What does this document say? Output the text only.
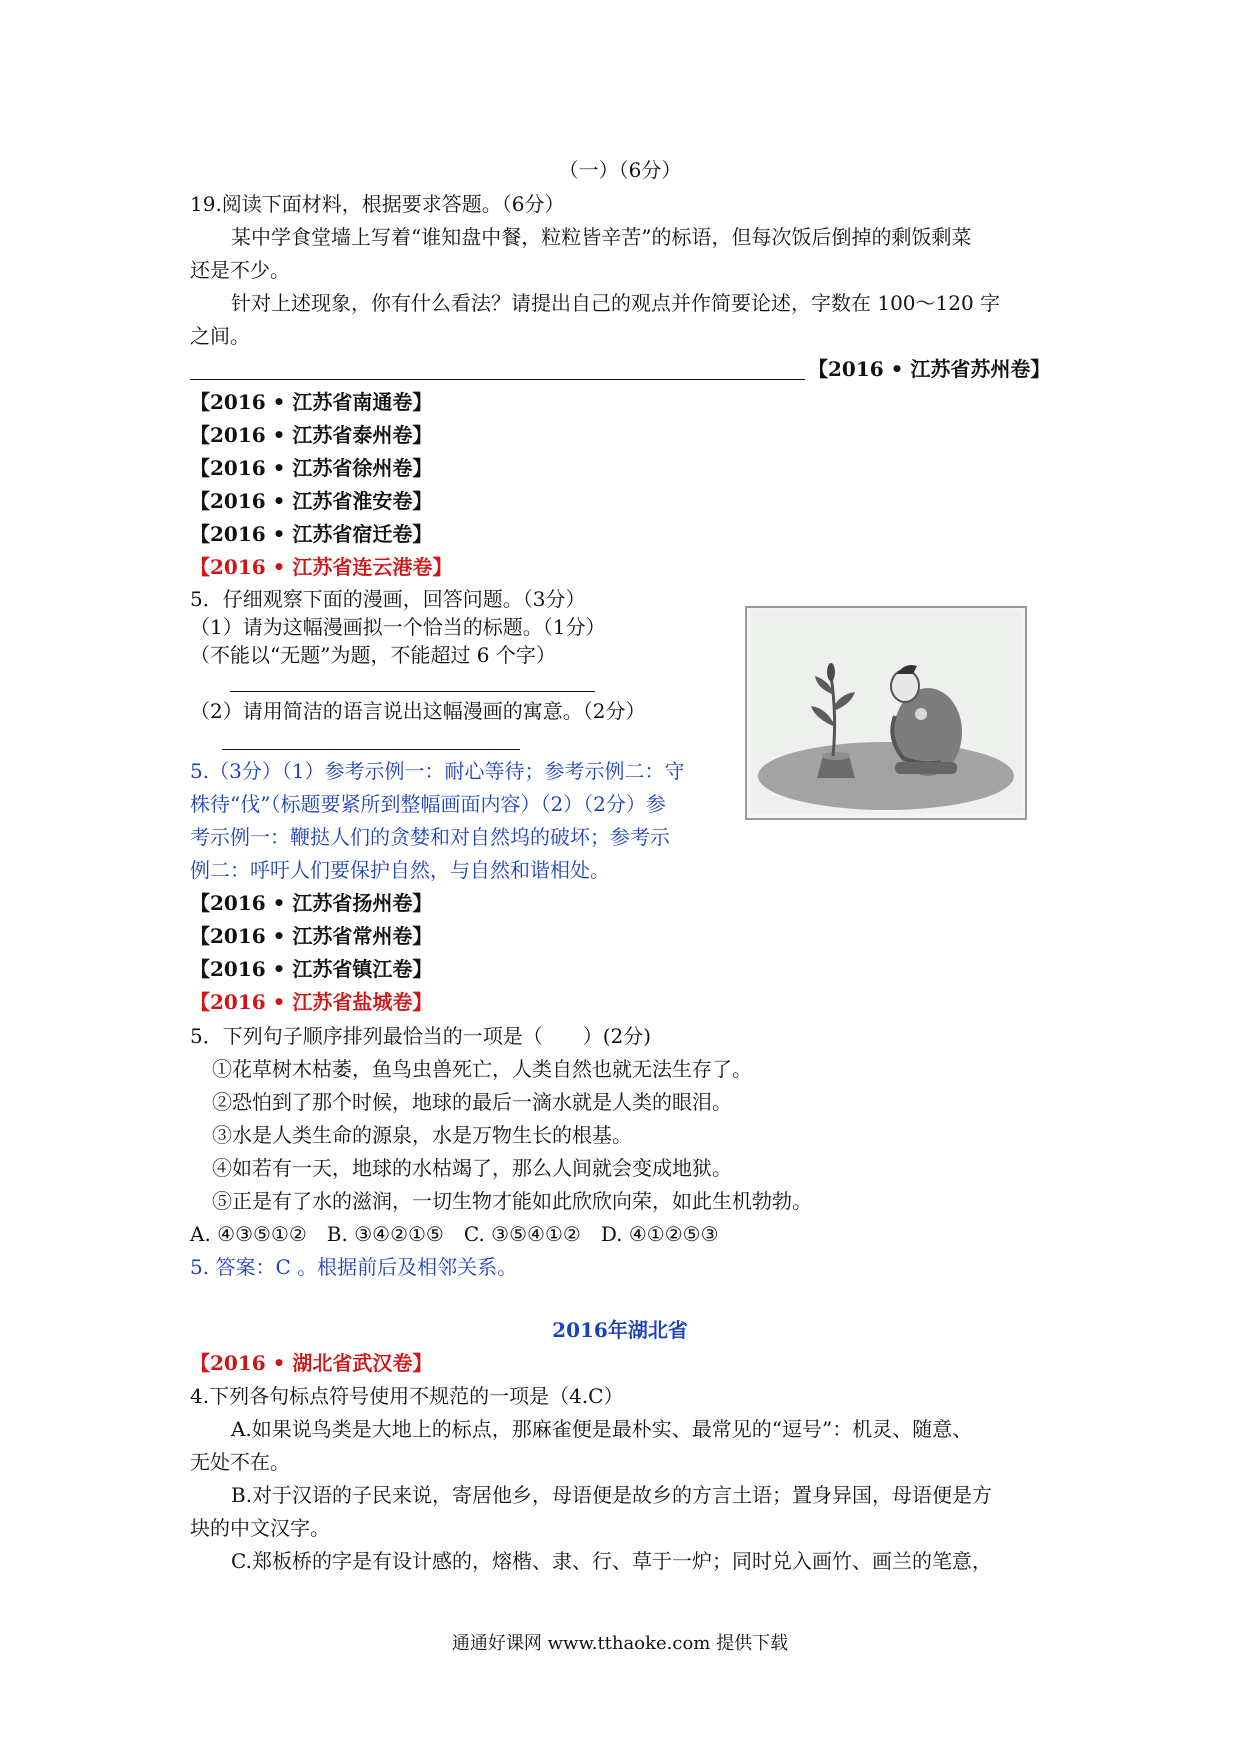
（一）（6分）
19.阅读下面材料，根据要求答题。（6分）
某中学食堂墙上写着“谁知盘中餐，粒粒皆辛苦”的标语，但每次饭后倒掉的剩饭剩菜
还是不少。
针对上述现象，你有什么看法？请提出自己的观点并作简要论述，字数在 100～120 字
之间。
【2016 • 江苏省苏州卷】
【2016 • 江苏省南通卷】
【2016 • 江苏省泰州卷】
【2016 • 江苏省徐州卷】
【2016 • 江苏省淮安卷】
【2016 • 江苏省宿迁卷】
【2016 • 江苏省连云港卷】
5．仔细观察下面的漫画，回答问题。（3分）
（1）请为这幅漫画拟一个恰当的标题。（1分）
（不能以“无题”为题，不能超过 6 个字）
（2）请用简洁的语言说出这幅漫画的寓意。（2分）
5.（3分）（1）参考示例一：耐心等待；参考示例二：守
株待“伐”（标题要紧所到整幅画面内容）（2）（2分）参
考示例一：鞭挞人们的贪婪和对自然坞的破坏；参考示
例二：呼吁人们要保护自然，与自然和谐相处。
【2016 • 江苏省扬州卷】
【2016 • 江苏省常州卷】
【2016 • 江苏省镇江卷】
【2016 • 江苏省盐城卷】
5．下列句子顺序排列最恰当的一项是（　　）(2分)
①花草树木枯萎，鱼鸟虫兽死亡，人类自然也就无法生存了。
②恐怕到了那个时候，地球的最后一滴水就是人类的眼泪。
③水是人类生命的源泉，水是万物生长的根基。
④如若有一天，地球的水枯竭了，那么人间就会变成地狱。
⑤正是有了水的滋润，一切生物才能如此欣欣向荣，如此生机勃勃。
A. ④③⑤①②　B. ③④②①⑤　C. ③⑤④①②　D. ④①②⑤③
5. 答案：C 。根据前后及相邻关系。
2016年湖北省
【2016 • 湖北省武汉卷】
4.下列各句标点符号使用不规范的一项是（4.C）
A.如果说鸟类是大地上的标点，那麻雀便是最朴实、最常见的“逗号”：机灵、随意、
无处不在。
B.对于汉语的子民来说，寄居他乡，母语便是故乡的方言土语；置身异国，母语便是方
块的中文汉字。
C.郑板桥的字是有设计感的，熔楷、隶、行、草于一炉；同时兑入画竹、画兰的笔意，
通通好课网 www.tthaoke.com 提供下载
